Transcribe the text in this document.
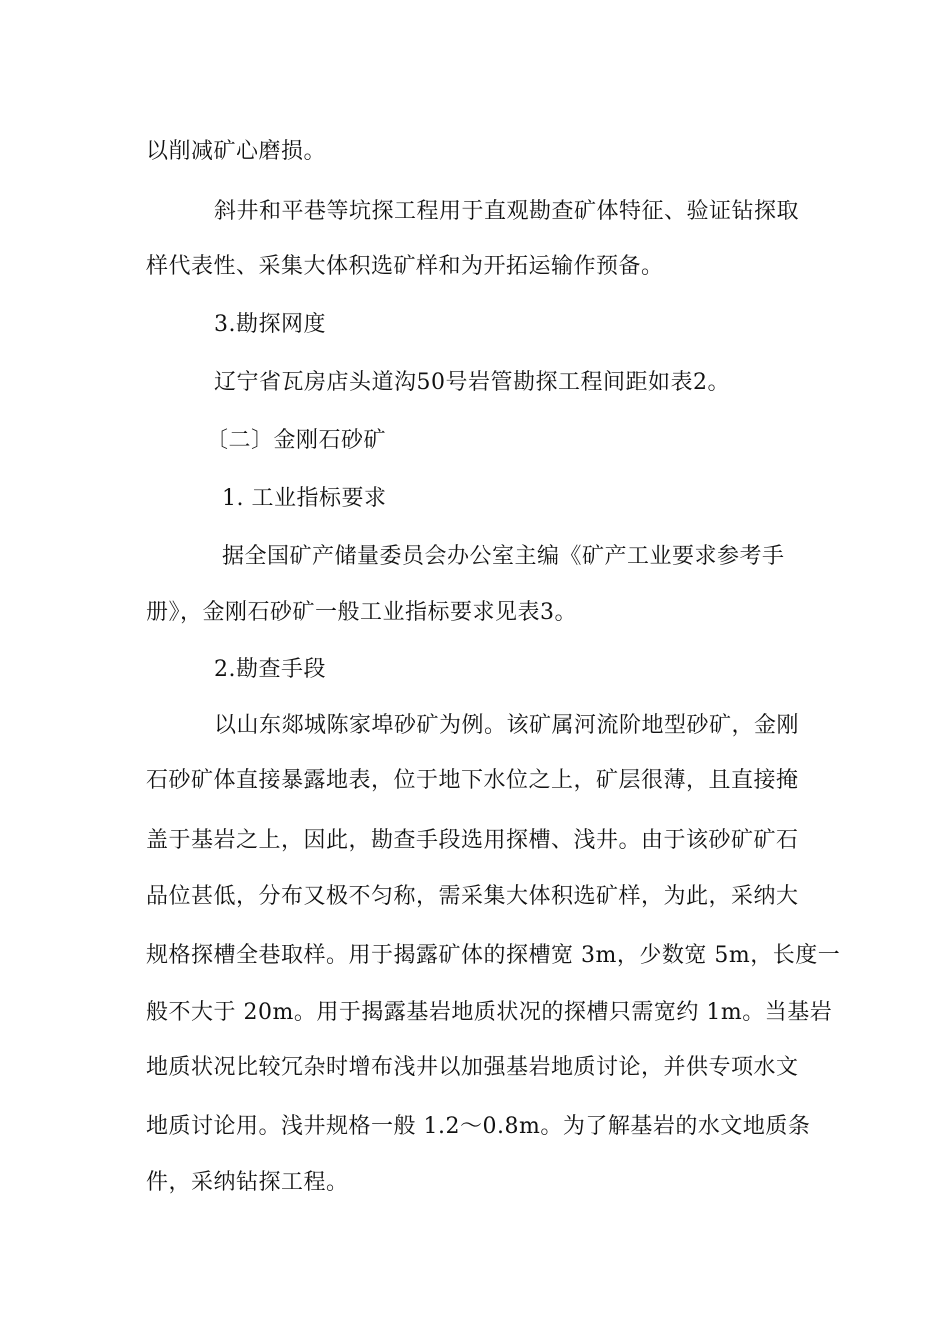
以削减矿心磨损。
斜井和平巷等坑探工程用于直观勘查矿体特征、验证钻探取
样代表性、采集大体积选矿样和为开拓运输作预备。
3.勘探网度
辽宁省瓦房店头道沟50号岩管勘探工程间距如表2。
〔二〕金刚石砂矿
1. 工业指标要求
据全国矿产储量委员会办公室主编《矿产工业要求参考手
册》，金刚石砂矿一般工业指标要求见表3。
2.勘查手段
以山东郯城陈家埠砂矿为例。该矿属河流阶地型砂矿，金刚
石砂矿体直接暴露地表，位于地下水位之上，矿层很薄，且直接掩
盖于基岩之上，因此，勘查手段选用探槽、浅井。由于该砂矿矿石
品位甚低，分布又极不匀称，需采集大体积选矿样，为此，采纳大
规格探槽全巷取样。用于揭露矿体的探槽宽 3m，少数宽 5m，长度一
般不大于 20m。用于揭露基岩地质状况的探槽只需宽约 1m。当基岩
地质状况比较冗杂时增布浅井以加强基岩地质讨论，并供专项水文
地质讨论用。浅井规格一般 1.2～0.8m。为了解基岩的水文地质条
件，采纳钻探工程。
